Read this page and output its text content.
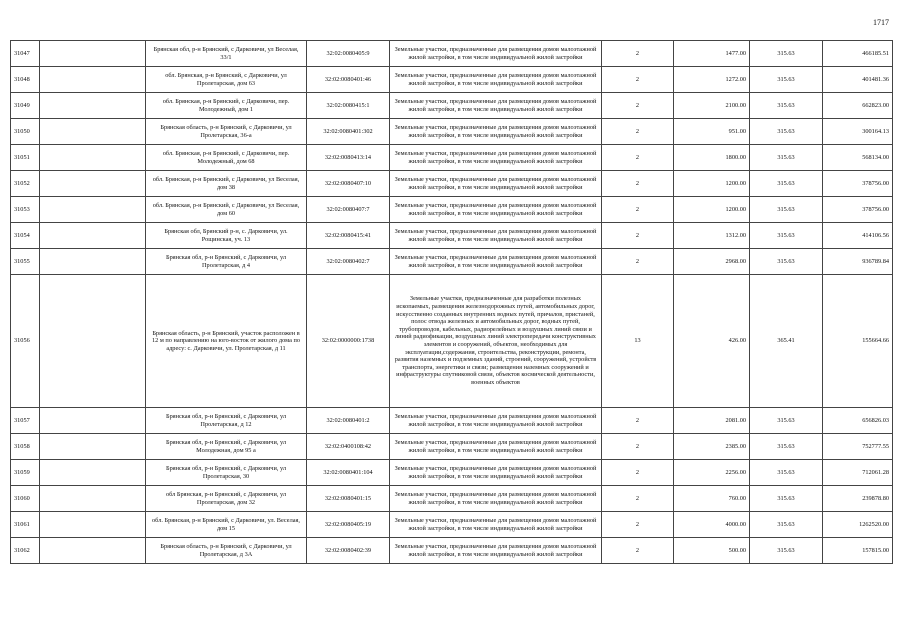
1717
31047		Брянская обл, р-н Брянский, с Дарковичи, ул Веселая, 33/1	32:02:0080405:9	Земельные участки, предназначенные для размещения домов малоэтажной жилой застройки, в том числе индивидуальной жилой застройки	2	1477.00	315.63	466185.51
31048		обл. Брянская, р-н Брянский, с Дарковичи, ул Пролетарская, дом 63	32:02:0080401:46	Земельные участки, предназначенные для размещения домов малоэтажной жилой застройки, в том числе индивидуальной жилой застройки	2	1272.00	315.63	401481.36
31049		обл. Брянская, р-н Брянский, с Дарковичи, пер. Молодежный, дом 1	32:02:0080415:1	Земельные участки, предназначенные для размещения домов малоэтажной жилой застройки, в том числе индивидуальной жилой застройки	2	2100.00	315.63	662823.00
31050		Брянская область, р-н Брянский, с Дарковичи, ул Пролетарская, 36-а	32:02:0080401:302	Земельные участки, предназначенные для размещения домов малоэтажной жилой застройки, в том числе индивидуальной жилой застройки	2	951.00	315.63	300164.13
31051		обл. Брянская, р-н Брянский, с Дарковичи, пер. Молодежный, дом 68	32:02:0080413:14	Земельные участки, предназначенные для размещения домов малоэтажной жилой застройки, в том числе индивидуальной жилой застройки	2	1800.00	315.63	568134.00
31052		обл. Брянская, р-н Брянский, с Дарковичи, ул Веселая, дом 38	32:02:0080407:10	Земельные участки, предназначенные для размещения домов малоэтажной жилой застройки, в том числе индивидуальной жилой застройки	2	1200.00	315.63	378756.00
31053		обл. Брянская, р-н Брянский, с Дарковичи, ул Веселая, дом 60	32:02:0080407:7	Земельные участки, предназначенные для размещения домов малоэтажной жилой застройки, в том числе индивидуальной жилой застройки	2	1200.00	315.63	378756.00
31054		Брянская обл, Брянский р-н, с. Дарковичи, ул. Рощинская, уч. 13	32:02:0080415:41	Земельные участки, предназначенные для размещения домов малоэтажной жилой застройки, в том числе индивидуальной жилой застройки	2	1312.00	315.63	414106.56
31055		Брянская обл, р-н Брянский, с Дарковичи, ул Пролетарская, д 4	32:02:0080402:7	Земельные участки, предназначенные для размещения домов малоэтажной жилой застройки, в том числе индивидуальной жилой застройки	2	2968.00	315.63	936789.84
31056		Брянская область, р-н Брянский, участок расположен в 12 м по направлению на юго-восток от жилого дома по адресу: с. Дарковичи, ул. Пролетарская, д 11	32:02:0000000:1738	Земельные участки, предназначенные для разработки полезных ископаемых, размещения железнодорожных путей, автомобильных дорог, искусственно созданных внутренних водных путей, причалов, пристаней, полос отвода железных и автомобильных дорог, водных путей, трубопроводов, кабельных, радиорелейных и воздушных линий связи и линий радиофикации, воздушных линий электропередачи конструктивных элементов и сооружений, объектов, необходимых для эксплуатации,содержания, строительства, реконструкции, ремонта, развития наземных и подземных зданий, строений, сооружений, устройств транспорта, энергетики и связи; размещения наземных сооружений и инфраструктуры спутниковой связи, объектов космической деятельности, военных объектов	13	426.00	365.41	155664.66
31057		Брянская обл, р-н Брянский, с Дарковичи, ул Пролетарская, д 12	32:02:0080401:2	Земельные участки, предназначенные для размещения домов малоэтажной жилой застройки, в том числе индивидуальной жилой застройки	2	2081.00	315.63	656826.03
31058		Брянская обл, р-н Брянский, с Дарковичи, ул Молодежная, дом 95 а	32:02:0400108:42	Земельные участки, предназначенные для размещения домов малоэтажной жилой застройки, в том числе индивидуальной жилой застройки	2	2385.00	315.63	752777.55
31059		Брянская обл, р-н Брянский, с Дарковичи, ул Пролетарская, 30	32:02:0080401:104	Земельные участки, предназначенные для размещения домов малоэтажной жилой застройки, в том числе индивидуальной жилой застройки	2	2256.00	315.63	712061.28
31060		обл Брянская, р-н Брянский, с Дарковичи, ул Пролетарская, дом 32	32:02:0080401:15	Земельные участки, предназначенные для размещения домов малоэтажной жилой застройки, в том числе индивидуальной жилой застройки	2	760.00	315.63	239878.80
31061		обл. Брянская, р-н Брянский, с Дарковичи, ул. Веселая, дом 15	32:02:0080405:19	Земельные участки, предназначенные для размещения домов малоэтажной жилой застройки, в том числе индивидуальной жилой застройки	2	4000.00	315.63	1262520.00
31062		Брянская область, р-н Брянский, с Дарковичи, ул Пролетарская, д 3А	32:02:0080402:39	Земельные участки, предназначенные для размещения домов малоэтажной жилой застройки, в том числе индивидуальной жилой застройки	2	500.00	315.63	157815.00
